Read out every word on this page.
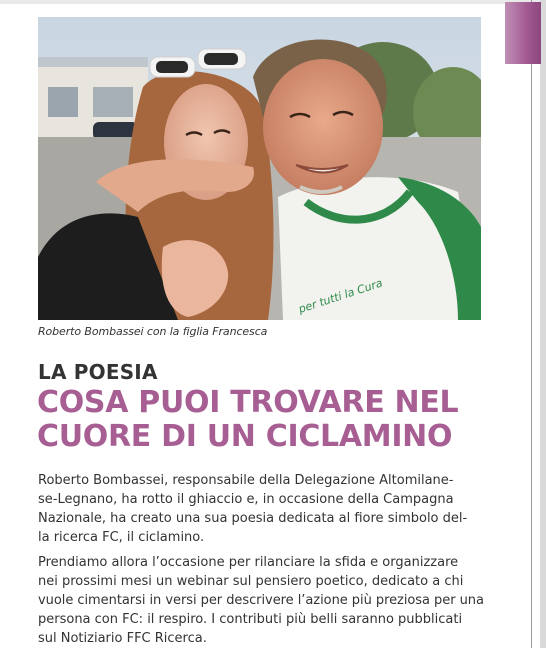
per tutti la Cura
Roberto Bombassei con la figlia Francesca
LA POESIA
COSA PUOI TROVARE NEL
CUORE DI UN CICLAMINO

Roberto Bombassei, responsabile della Delegazione Altomilane-
se-Legnano, ha rotto il ghiaccio e, in occasione della Campagna
Nazionale, ha creato una sua poesia dedicata al fiore simbolo del-
la ricerca FC, il ciclamino.

Prendiamo allora l’occasione per rilanciare la sfida e organizzare
nei prossimi mesi un webinar sul pensiero poetico, dedicato a chi
vuole cimentarsi in versi per descrivere l’azione più preziosa per una
persona con FC: il respiro. I contributi più belli saranno pubblicati
sul Notiziario FFC Ricerca.
